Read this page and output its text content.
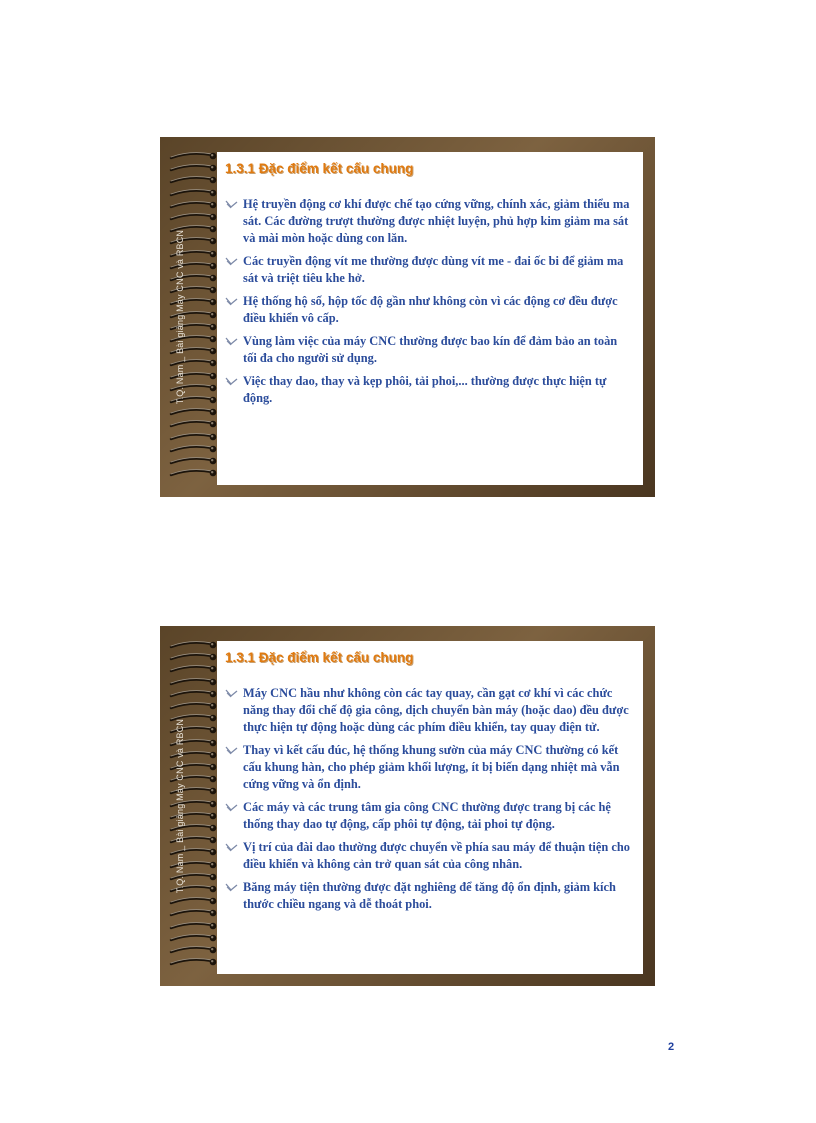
T.Q. Nam _ Bài giảng Máy CNC và RBCN
1.3.1 Đặc điểm kết cấu chung
Hệ truyền động cơ khí được chế tạo cứng vững, chính xác, giảm thiểu ma sát. Các đường trượt thường được nhiệt luyện, phủ hợp kim giảm ma sát và mài mòn hoặc dùng con lăn.
Các truyền động vít me thường được dùng vít me - đai ốc bi để giảm ma sát và triệt tiêu khe hở.
Hệ thống hộ số, hộp tốc độ gần như không còn vì các động cơ đều được điều khiển vô cấp.
Vùng làm việc của máy CNC thường được bao kín để đảm bảo an toàn tối đa cho người sử dụng.
Việc thay dao, thay và kẹp phôi, tải phoi,... thường được thực hiện tự động.
T.Q. Nam _ Bài giảng Máy CNC và RBCN
1.3.1 Đặc điểm kết cấu chung
Máy CNC hầu như không còn các tay quay, cần gạt cơ khí vì các chức năng thay đổi chế độ gia công, dịch chuyển bàn máy (hoặc dao) đều được thực hiện tự động hoặc dùng các phím điều khiển, tay quay điện tử.
Thay vì kết cấu đúc, hệ thống khung sườn của máy CNC thường có kết cấu khung hàn, cho phép giảm khối lượng, ít bị biến dạng nhiệt mà vẫn cứng vững và ổn định.
Các máy và các trung tâm gia công CNC thường được trang bị các hệ thống thay dao tự động, cấp phôi tự động, tải phoi tự động.
Vị trí của đài dao thường được chuyển về phía sau máy để thuận tiện cho điều khiển và không cản trở quan sát của công nhân.
Băng máy tiện thường được đặt nghiêng để tăng độ ổn định, giảm kích thước chiều ngang và dễ thoát phoi.
2
